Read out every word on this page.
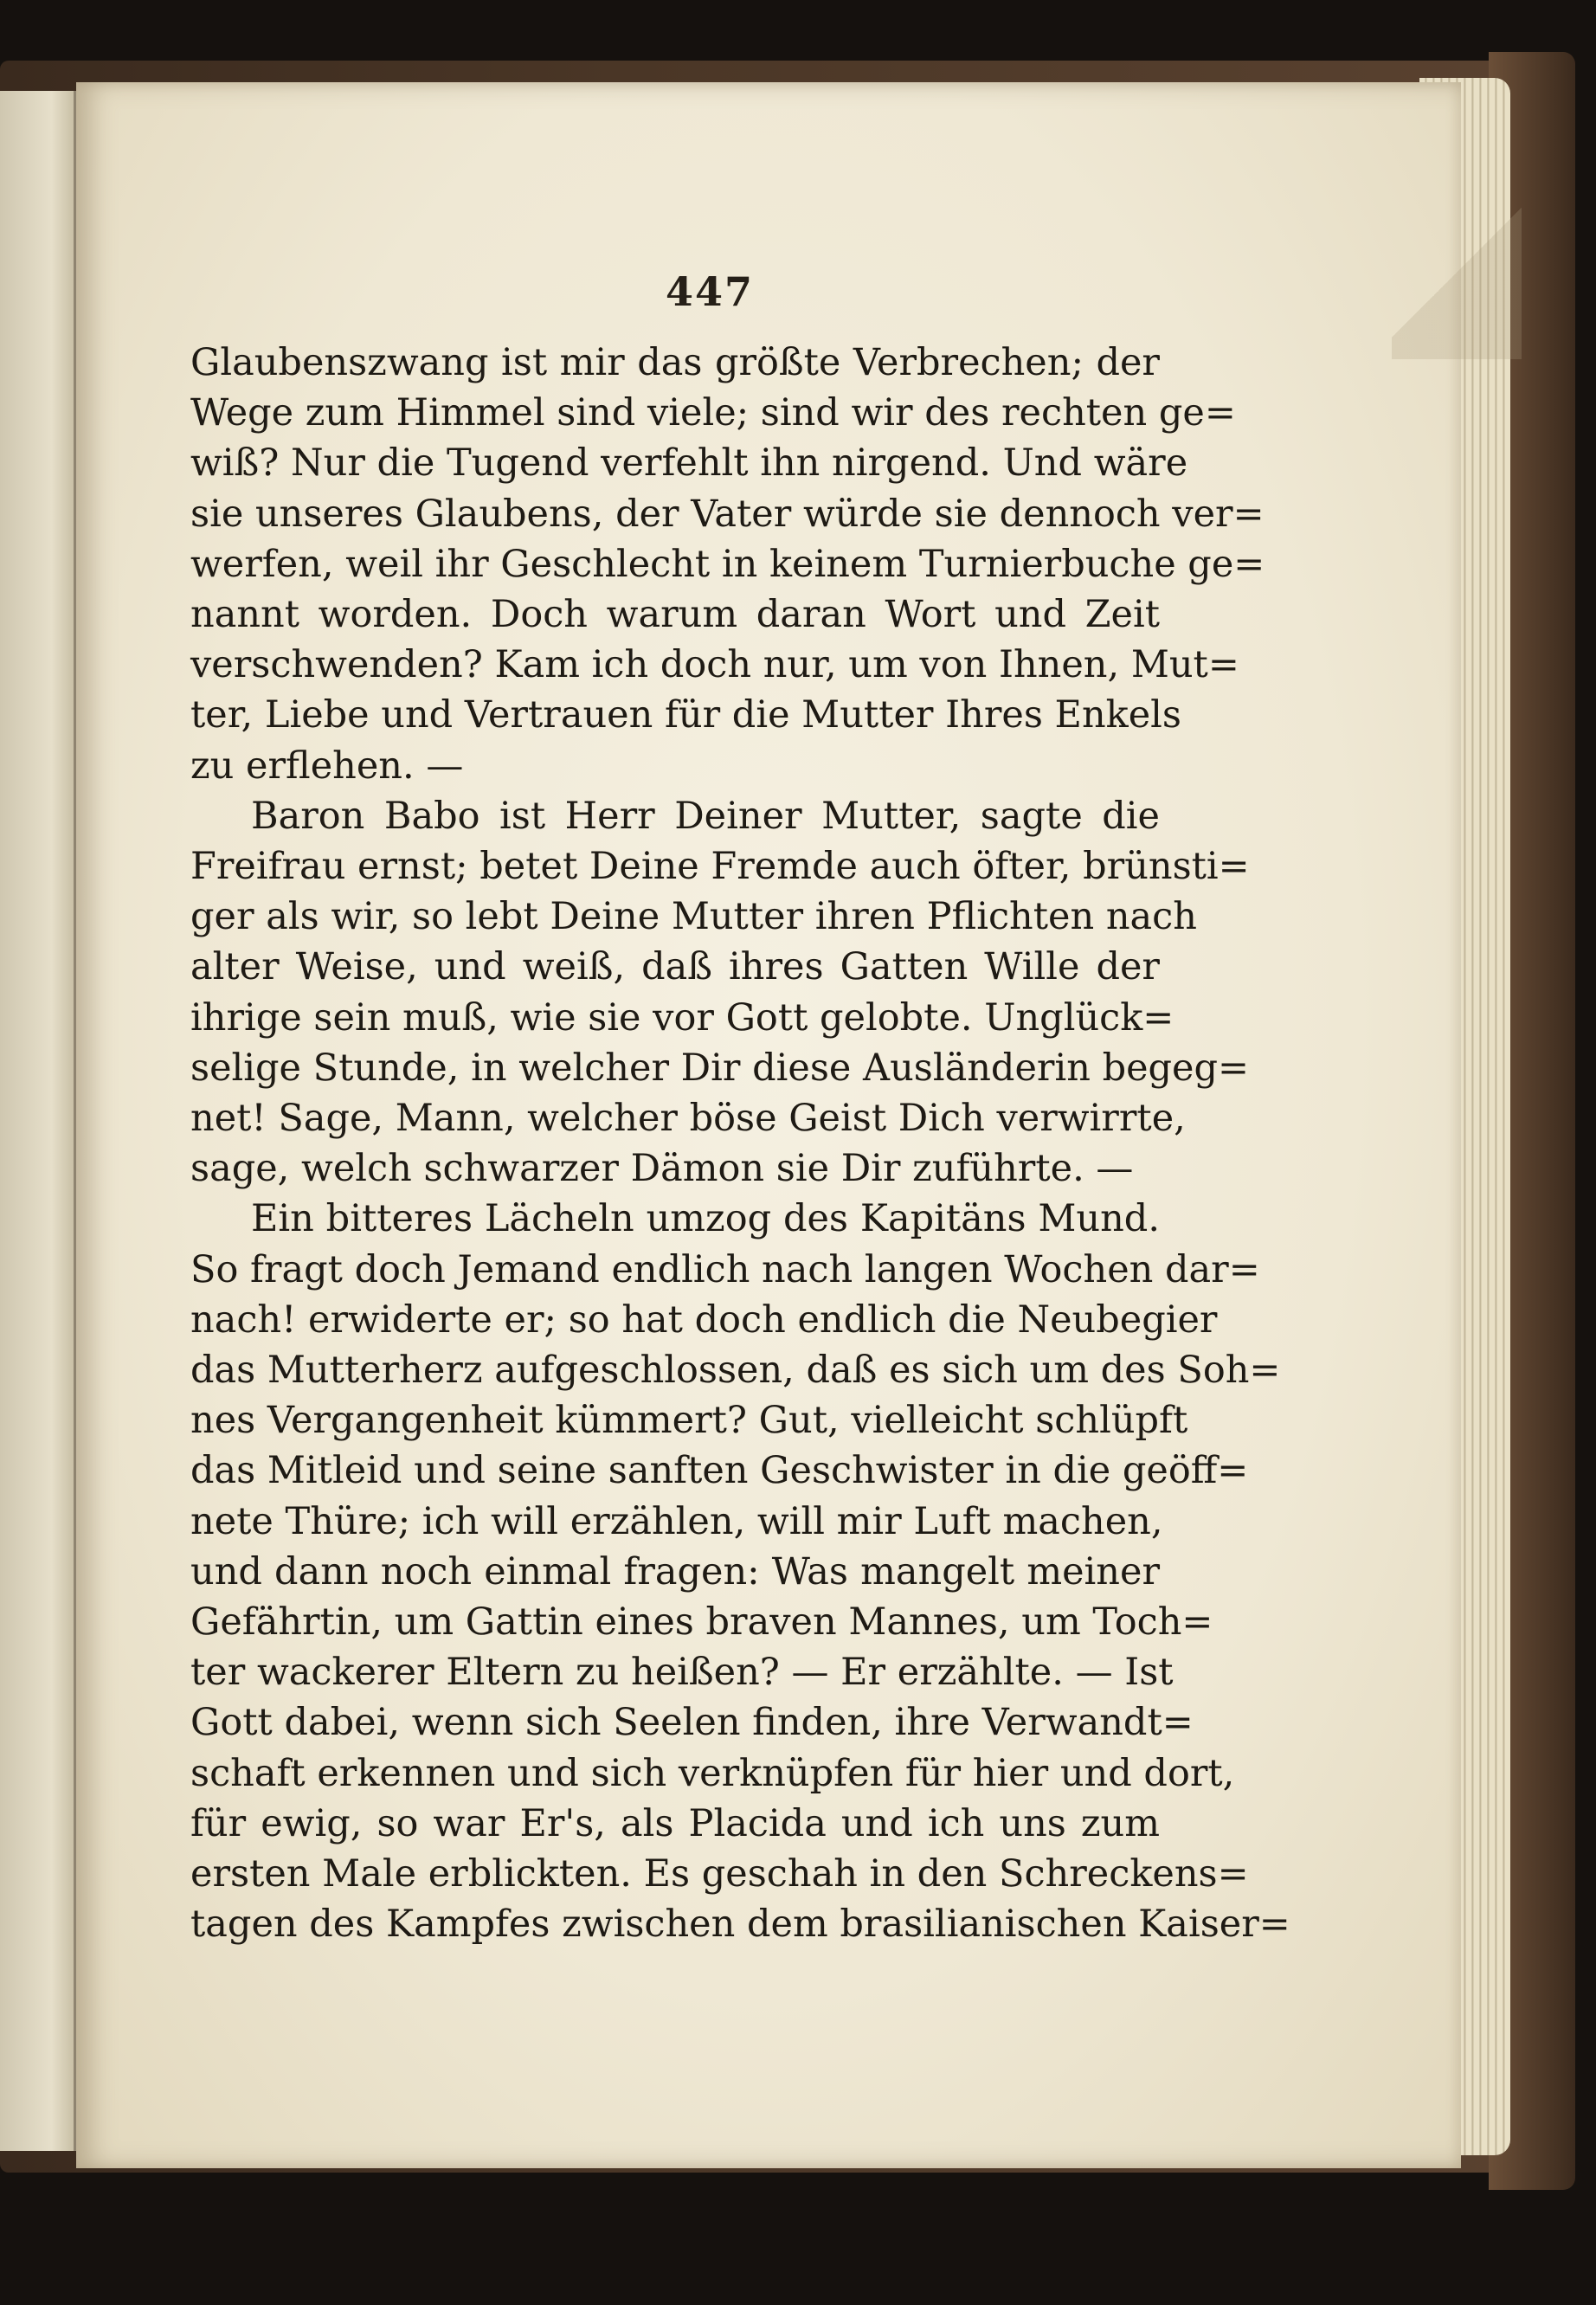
447
Glaubenszwang ist mir das größte Verbrechen; der
Wege zum Himmel sind viele; sind wir des rechten ge=
wiß? Nur die Tugend verfehlt ihn nirgend. Und wäre
sie unseres Glaubens, der Vater würde sie dennoch ver=
werfen, weil ihr Geschlecht in keinem Turnierbuche ge=
nannt worden. Doch warum daran Wort und Zeit
verschwenden? Kam ich doch nur, um von Ihnen, Mut=
ter, Liebe und Vertrauen für die Mutter Ihres Enkels
zu erflehen. —
Baron Babo ist Herr Deiner Mutter, sagte die
Freifrau ernst; betet Deine Fremde auch öfter, brünsti=
ger als wir, so lebt Deine Mutter ihren Pflichten nach
alter Weise, und weiß, daß ihres Gatten Wille der
ihrige sein muß, wie sie vor Gott gelobte. Unglück=
selige Stunde, in welcher Dir diese Ausländerin begeg=
net! Sage, Mann, welcher böse Geist Dich verwirrte,
sage, welch schwarzer Dämon sie Dir zuführte. —
Ein bitteres Lächeln umzog des Kapitäns Mund.
So fragt doch Jemand endlich nach langen Wochen dar=
nach! erwiderte er; so hat doch endlich die Neubegier
das Mutterherz aufgeschlossen, daß es sich um des Soh=
nes Vergangenheit kümmert? Gut, vielleicht schlüpft
das Mitleid und seine sanften Geschwister in die geöff=
nete Thüre; ich will erzählen, will mir Luft machen,
und dann noch einmal fragen: Was mangelt meiner
Gefährtin, um Gattin eines braven Mannes, um Toch=
ter wackerer Eltern zu heißen? — Er erzählte. — Ist
Gott dabei, wenn sich Seelen finden, ihre Verwandt=
schaft erkennen und sich verknüpfen für hier und dort,
für ewig, so war Er's, als Placida und ich uns zum
ersten Male erblickten. Es geschah in den Schreckens=
tagen des Kampfes zwischen dem brasilianischen Kaiser=
